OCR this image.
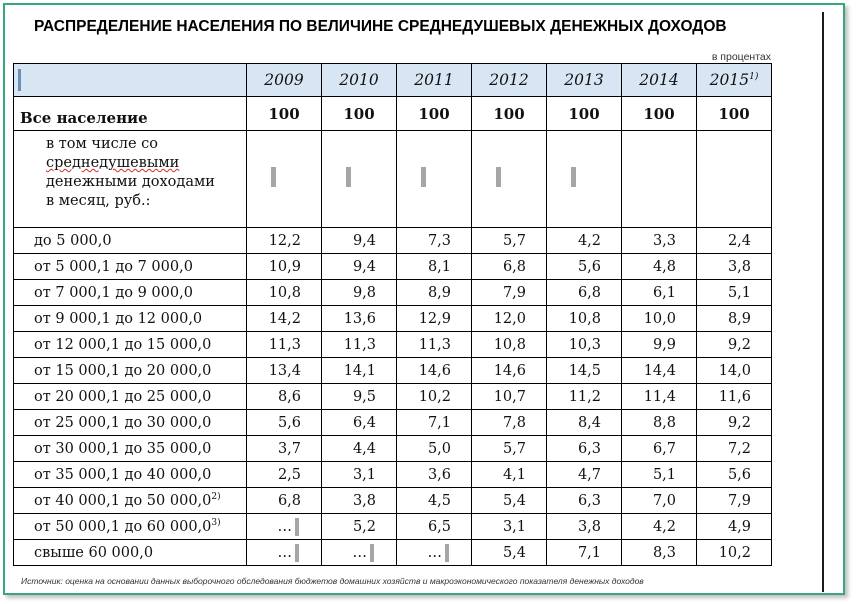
РАСПРЕДЕЛЕНИЕ НАСЕЛЕНИЯ ПО ВЕЛИЧИНЕ СРЕДНЕДУШЕВЫХ ДЕНЕЖНЫХ ДОХОДОВ
в процентах
	2009	2010	2011	2012	2013	2014	2015$^{1)}$
Все население	100	100	100	100	100	100	100

в том числе со
среднедушевыми
денежными доходами
в месяц, руб.:							

до 5 000,0	12,2	9,4	7,3	5,7	4,2	3,3	2,4
от 5 000,1 до 7 000,0	10,9	9,4	8,1	6,8	5,6	4,8	3,8
от 7 000,1 до 9 000,0	10,8	9,8	8,9	7,9	6,8	6,1	5,1
от 9 000,1 до 12 000,0	14,2	13,6	12,9	12,0	10,8	10,0	8,9
от 12 000,1 до 15 000,0	11,3	11,3	11,3	10,8	10,3	9,9	9,2
от 15 000,1 до 20 000,0	13,4	14,1	14,6	14,6	14,5	14,4	14,0
от 20 000,1 до 25 000,0	8,6	9,5	10,2	10,7	11,2	11,4	11,6
от 25 000,1 до 30 000,0	5,6	6,4	7,1	7,8	8,4	8,8	9,2
от 30 000,1 до 35 000,0	3,7	4,4	5,0	5,7	6,3	6,7	7,2
от 35 000,1 до 40 000,0	2,5	3,1	3,6	4,1	4,7	5,1	5,6
от 40 000,1 до 50 000,0$^{2)}$	6,8	3,8	4,5	5,4	6,3	7,0	7,9
от 50 000,1 до 60 000,0$^{3)}$	…	5,2	6,5	3,1	3,8	4,2	4,9
свыше 60 000,0	…	…	…	5,4	7,1	8,3	10,2
Источник: оценка на основании данных выборочного обследования бюджетов домашних хозяйств и макроэкономического показателя денежных доходов
